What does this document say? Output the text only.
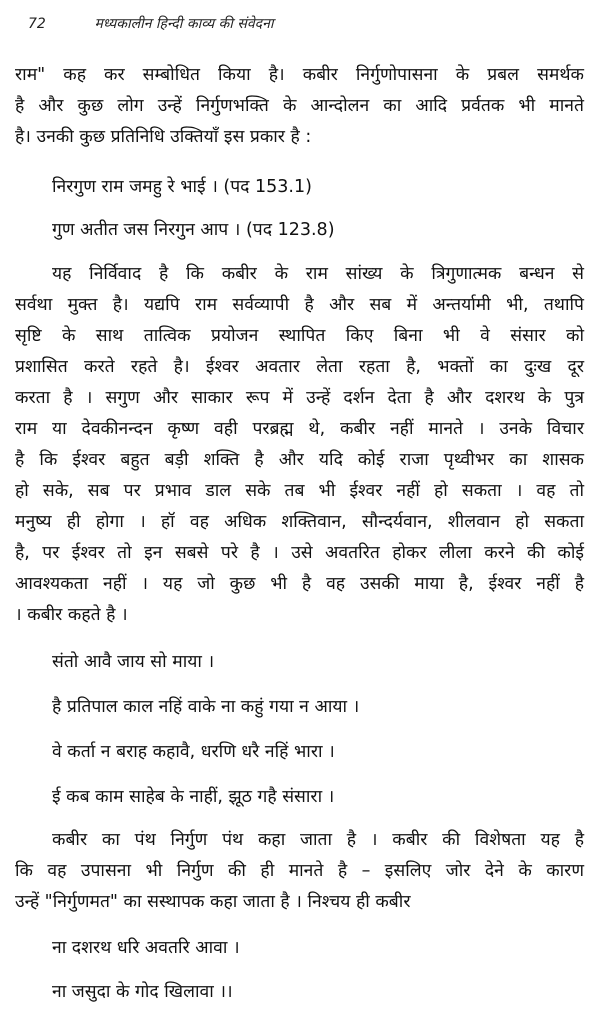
72	मध्यकालीन हिन्दी काव्य की संवेदना
राम" कह कर सम्बोधित किया है। कबीर निर्गुणोपासना के प्रबल समर्थक
है और कुछ लोग उन्हें निर्गुणभक्ति के आन्दोलन का आदि प्रर्वतक भी मानते
है। उनकी कुछ प्रतिनिधि उक्तियाँ इस प्रकार है :
निरगुण राम जमहु रे भाई । (पद 153.1)
गुण अतीत जस निरगुन आप । (पद 123.8)
यह निर्विवाद है कि कबीर के राम सांख्य के त्रिगुणात्मक बन्धन से
सर्वथा मुक्त है। यद्यपि राम सर्वव्यापी है और सब में अन्तर्यामी भी, तथापि
सृष्टि के साथ तात्विक प्रयोजन स्थापित किए बिना भी वे संसार को
प्रशासित करते रहते है। ईश्वर अवतार लेता रहता है, भक्तों का दुःख दूर
करता है । सगुण और साकार रूप में उन्हें दर्शन देता है और दशरथ के पुत्र
राम या देवकीनन्दन कृष्ण वही परब्रह्म थे, कबीर नहीं मानते । उनके विचार
है कि ईश्वर बहुत बड़ी शक्ति है और यदि कोई राजा पृथ्वीभर का शासक
हो सके, सब पर प्रभाव डाल सके तब भी ईश्वर नहीं हो सकता । वह तो
मनुष्य ही होगा । हॉ वह अधिक शक्तिवान, सौन्दर्यवान, शीलवान हो सकता
है, पर ईश्वर तो इन सबसे परे है । उसे अवतरित होकर लीला करने की कोई
आवश्यकता नहीं । यह जो कुछ भी है वह उसकी माया है, ईश्वर नहीं है
। कबीर कहते है ।
संतो आवै जाय सो माया ।
है प्रतिपाल काल नहिं वाके ना कहुं गया न आया ।
वे कर्ता न बराह कहावै, धरणि धरै नहिं भारा ।
ई कब काम साहेब के नाहीं, झूठ गहै संसारा ।
कबीर का पंथ निर्गुण पंथ कहा जाता है । कबीर की विशेषता यह है
कि वह उपासना भी निर्गुण की ही मानते है – इसलिए जोर देने के कारण
उन्हें "निर्गुणमत" का सस्थापक कहा जाता है । निश्चय ही कबीर
ना दशरथ धरि अवतरि आवा ।
ना जसुदा के गोद खिलावा ।।
